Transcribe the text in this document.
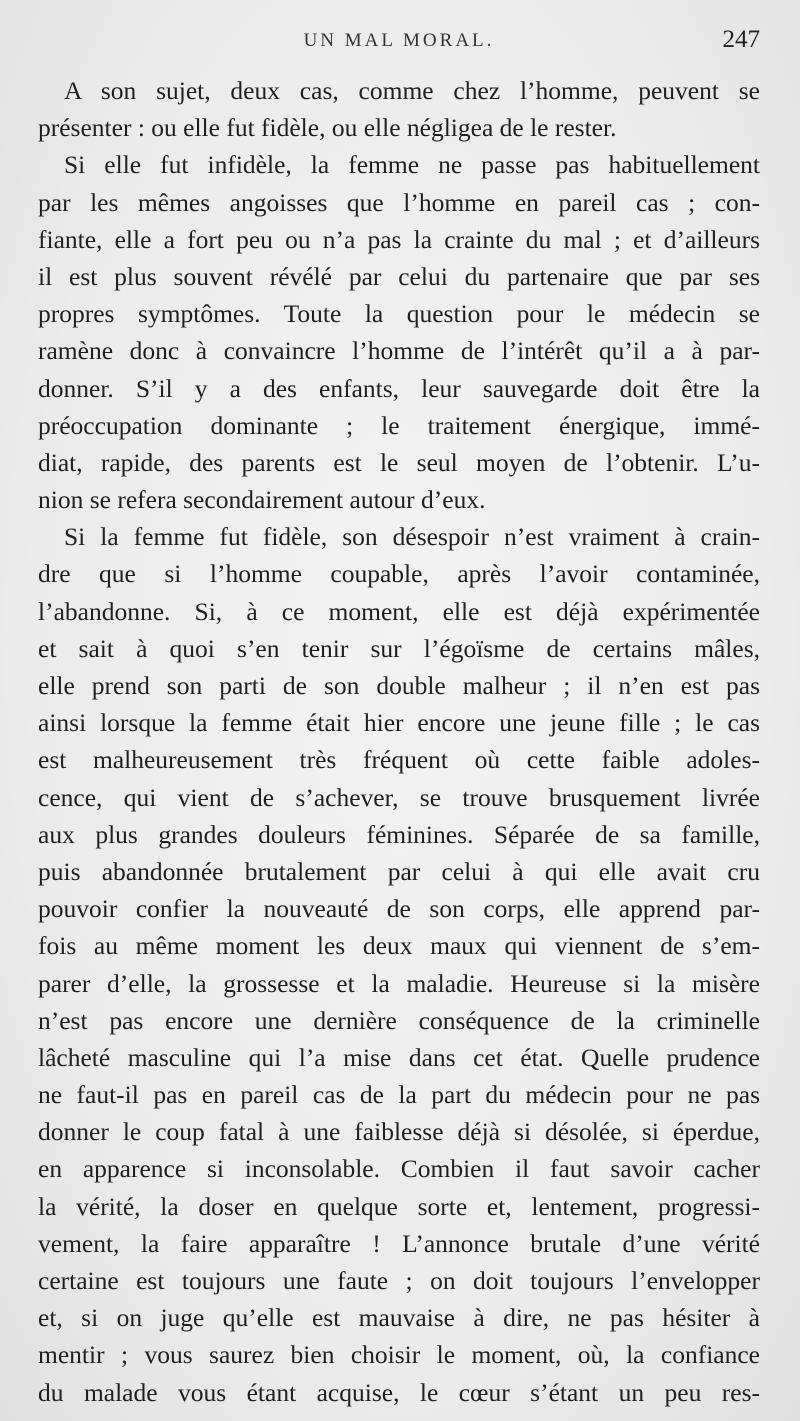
UN MAL MORAL.	247
A son sujet, deux cas, comme chez l’homme, peuvent se
présenter : ou elle fut fidèle, ou elle négligea de le rester.
Si elle fut infidèle, la femme ne passe pas habituellement
par les mêmes angoisses que l’homme en pareil cas ; con-
fiante, elle a fort peu ou n’a pas la crainte du mal ; et d’ailleurs
il est plus souvent révélé par celui du partenaire que par ses
propres symptômes. Toute la question pour le médecin se
ramène donc à convaincre l’homme de l’intérêt qu’il a à par-
donner. S’il y a des enfants, leur sauvegarde doit être la
préoccupation dominante ; le traitement énergique, immé-
diat, rapide, des parents est le seul moyen de l’obtenir. L’u-
nion se refera secondairement autour d’eux.
Si la femme fut fidèle, son désespoir n’est vraiment à crain-
dre que si l’homme coupable, après l’avoir contaminée,
l’abandonne. Si, à ce moment, elle est déjà expérimentée
et sait à quoi s’en tenir sur l’égoïsme de certains mâles,
elle prend son parti de son double malheur ; il n’en est pas
ainsi lorsque la femme était hier encore une jeune fille ; le cas
est malheureusement très fréquent où cette faible adoles-
cence, qui vient de s’achever, se trouve brusquement livrée
aux plus grandes douleurs féminines. Séparée de sa famille,
puis abandonnée brutalement par celui à qui elle avait cru
pouvoir confier la nouveauté de son corps, elle apprend par-
fois au même moment les deux maux qui viennent de s’em-
parer d’elle, la grossesse et la maladie. Heureuse si la misère
n’est pas encore une dernière conséquence de la criminelle
lâcheté masculine qui l’a mise dans cet état. Quelle prudence
ne faut-il pas en pareil cas de la part du médecin pour ne pas
donner le coup fatal à une faiblesse déjà si désolée, si éperdue,
en apparence si inconsolable. Combien il faut savoir cacher
la vérité, la doser en quelque sorte et, lentement, progressi-
vement, la faire apparaître ! L’annonce brutale d’une vérité
certaine est toujours une faute ; on doit toujours l’envelopper
et, si on juge qu’elle est mauvaise à dire, ne pas hésiter à
mentir ; vous saurez bien choisir le moment, où, la confiance
du malade vous étant acquise, le cœur s’étant un peu res-
